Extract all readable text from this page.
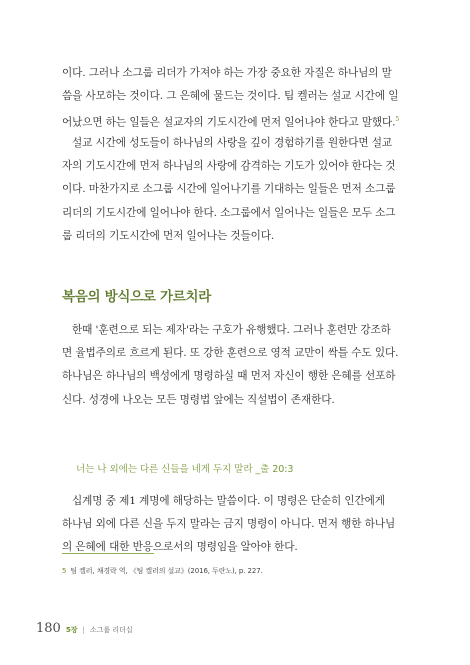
이다. 그러나 소그룹 리더가 가져야 하는 가장 중요한 자질은 하나님의 말
씀을 사모하는 것이다. 그 은혜에 물드는 것이다. 팀 켈러는 설교 시간에 일
어났으면 하는 일들은 설교자의 기도시간에 먼저 일어나야 한다고 말했다.$^5$
설교 시간에 성도들이 하나님의 사랑을 깊이 경험하기를 원한다면 설교
자의 기도시간에 먼저 하나님의 사랑에 감격하는 기도가 있어야 한다는 것
이다. 마찬가지로 소그룹 시간에 일어나기를 기대하는 일들은 먼저 소그룹
리더의 기도시간에 일어나야 한다. 소그룹에서 일어나는 일들은 모두 소그
룹 리더의 기도시간에 먼저 일어나는 것들이다.
복음의 방식으로 가르치라
한때 '훈련으로 되는 제자'라는 구호가 유행했다. 그러나 훈련만 강조하
면 율법주의로 흐르게 된다. 또 강한 훈련으로 영적 교만이 싹틀 수도 있다.
하나님은 하나님의 백성에게 명령하실 때 먼저 자신이 행한 은혜를 선포하
신다. 성경에 나오는 모든 명령법 앞에는 직설법이 존재한다.
너는 나 외에는 다른 신들을 네게 두지 말라 _출 20:3
십계명 중 제1 계명에 해당하는 말씀이다. 이 명령은 단순히 인간에게
하나님 외에 다른 신을 두지 말라는 금지 명령이 아니다. 먼저 행한 하나님
의 은혜에 대한 반응으로서의 명령임을 알아야 한다.
5 팀 켈러, 채경락 역, 《팀 켈러의 설교》(2016, 두란노), p. 227.
180 5장 | 소그룹 리더십
